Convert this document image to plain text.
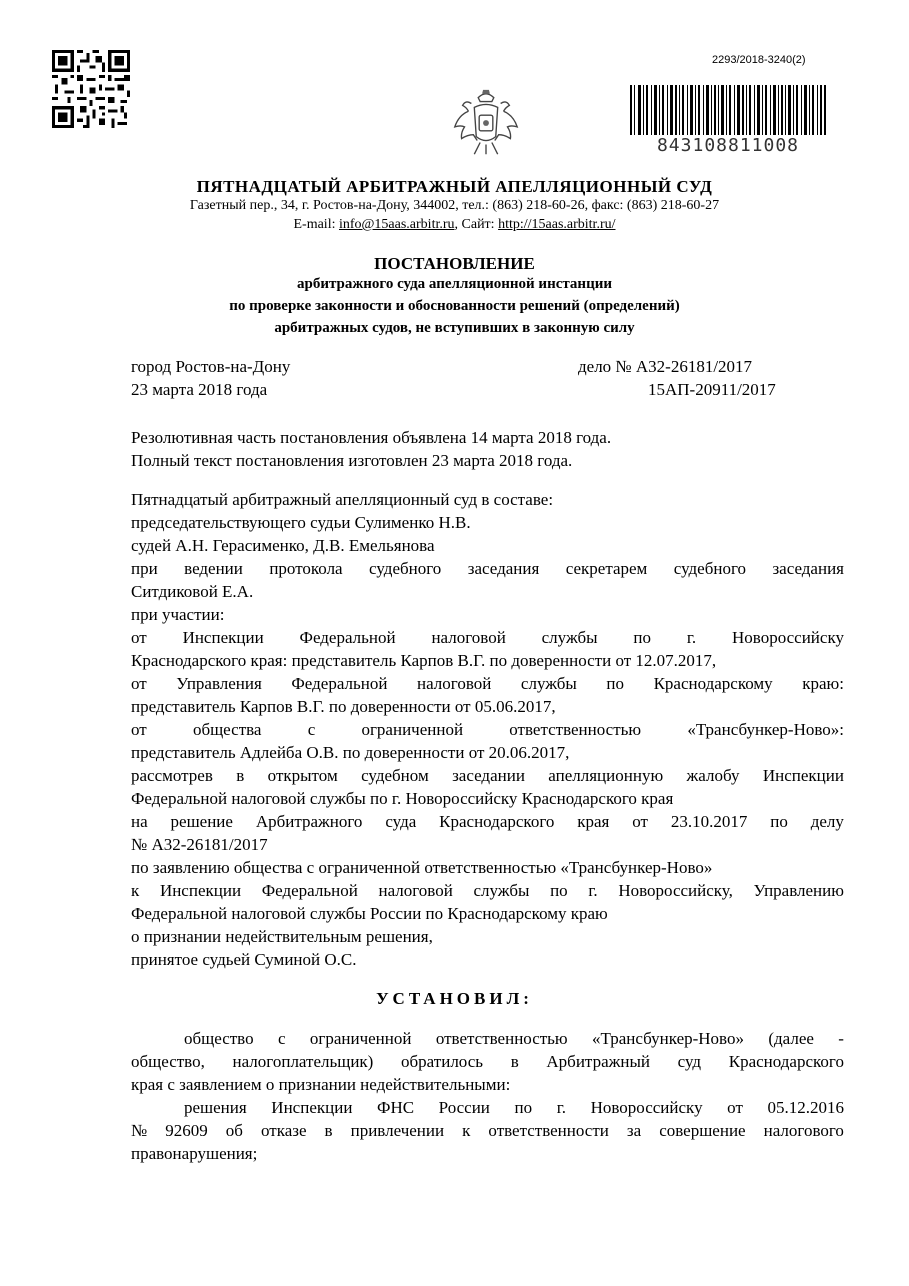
2293/2018-3240(2)
843108811008
ПЯТНАДЦАТЫЙ АРБИТРАЖНЫЙ АПЕЛЛЯЦИОННЫЙ СУД
Газетный пер., 34, г. Ростов-на-Дону, 344002, тел.: (863) 218-60-26, факс: (863) 218-60-27
E-mail: info@15aas.arbitr.ru, Сайт: http://15aas.arbitr.ru/
ПОСТАНОВЛЕНИЕ
арбитражного суда апелляционной инстанции
по проверке законности и обоснованности решений (определений)
арбитражных судов, не вступивших в законную силу
город Ростов-на-Дону	дело № А32-26181/2017
23 марта 2018 года	15АП-20911/2017
Резолютивная часть постановления объявлена 14 марта 2018 года.
Полный текст постановления изготовлен 23 марта 2018 года.
Пятнадцатый арбитражный апелляционный суд в составе:
председательствующего судьи Сулименко Н.В.
судей А.Н. Герасименко, Д.В. Емельянова
при ведении протокола судебного заседания секретарем судебного заседания
Ситдиковой Е.А.
при участии:
от Инспекции Федеральной налоговой службы по г. Новороссийску
Краснодарского края: представитель Карпов В.Г. по доверенности от 12.07.2017,
от Управления Федеральной налоговой службы по Краснодарскому краю:
представитель Карпов В.Г. по доверенности от 05.06.2017,
от	общества	с	ограниченной	ответственностью	«Трансбункер-Ново»:
представитель Адлейба О.В. по доверенности от 20.06.2017,
рассмотрев в открытом судебном заседании апелляционную жалобу Инспекции
Федеральной налоговой службы по г. Новороссийску Краснодарского края
на решение Арбитражного суда Краснодарского края от 23.10.2017 по делу
№ А32-26181/2017
по заявлению общества с ограниченной ответственностью «Трансбункер-Ново»
к Инспекции Федеральной налоговой службы по г. Новороссийску, Управлению
Федеральной налоговой службы России по Краснодарскому краю
о признании недействительным решения,
принятое судьей Суминой О.С.
УСТАНОВИЛ:
общество с ограниченной ответственностью «Трансбункер-Ново» (далее -
общество, налогоплательщик) обратилось в Арбитражный суд Краснодарского
края с заявлением о признании недействительными:
решения Инспекции ФНС России по г. Новороссийску от 05.12.2016
№ 92609 об отказе в привлечении к ответственности за совершение налогового
правонарушения;
